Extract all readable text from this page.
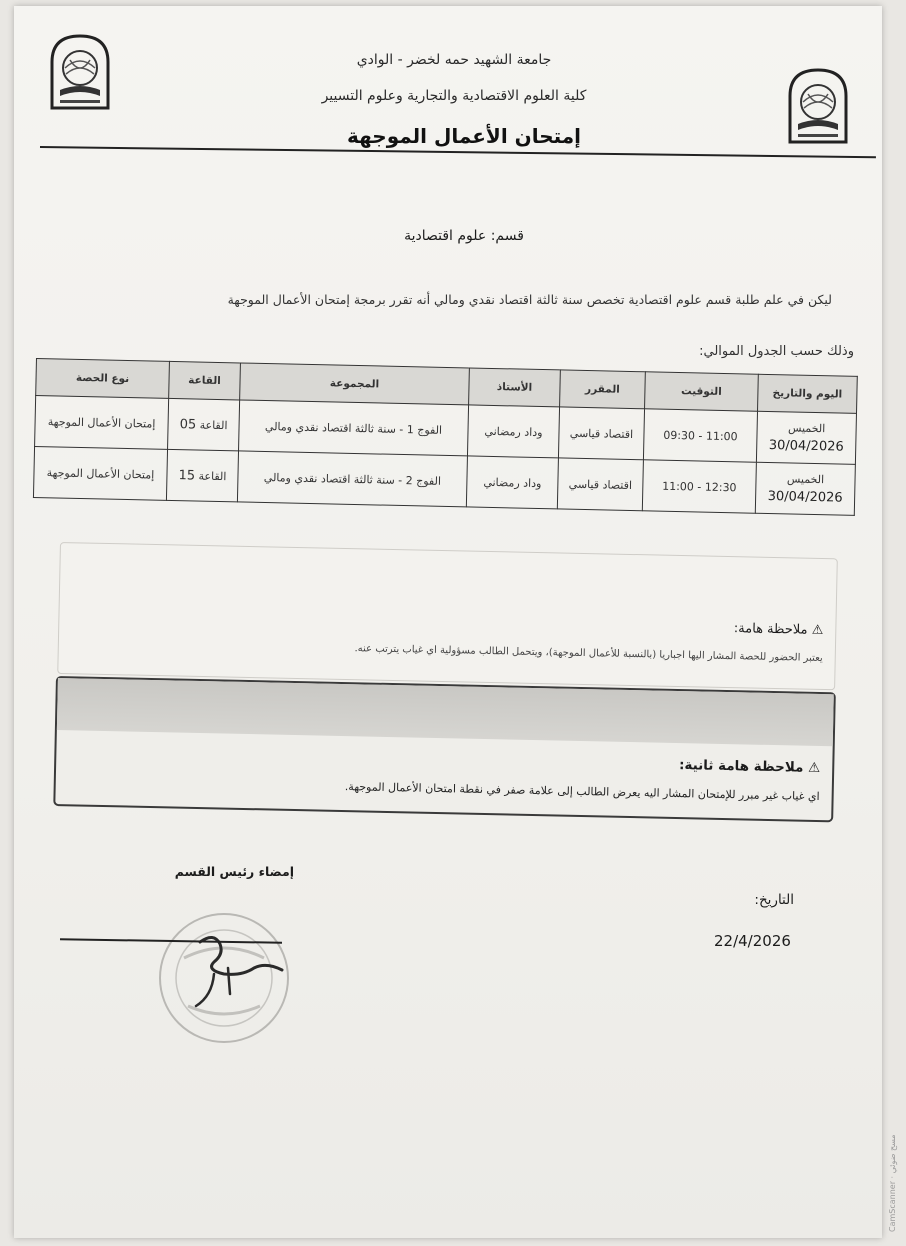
جامعة الشهيد حمه لخضر - الوادي
كلية العلوم الاقتصادية والتجارية وعلوم التسيير
إمتحان الأعمال الموجهة
قسم: علوم اقتصادية
ليكن في علم طلبة قسم علوم اقتصادية تخصص سنة ثالثة اقتصاد نقدي ومالي أنه تقرر برمجة إمتحان الأعمال الموجهة
وذلك حسب الجدول الموالي:
اليوم والتاريخ	التوقيت	المقرر	الأستاذ	المجموعة	القاعة	نوع الحصة

الخميس
30/04/2026	09:30 - 11:00	اقتصاد قياسي	وداد رمضاني	الفوج 1 - سنة ثالثة اقتصاد نقدي ومالي	القاعة 05	إمتحان الأعمال الموجهة

الخميس
30/04/2026	11:00 - 12:30	اقتصاد قياسي	وداد رمضاني	الفوج 2 - سنة ثالثة اقتصاد نقدي ومالي	القاعة 15	إمتحان الأعمال الموجهة
⚠ ملاحظة هامة:
يعتبر الحضور للحصة المشار اليها اجباريا (بالنسبة للأعمال الموجهة)، ويتحمل الطالب مسؤولية اي غياب يترتب عنه.
⚠ ملاحظة هامة ثانية:
اي غياب غير مبرر للإمتحان المشار اليه يعرض الطالب إلى علامة صفر في نقطة امتحان الأعمال الموجهة.
إمضاء رئيس القسم
التاريخ:
22/4/2026
CamScanner · مسح ضوئي
